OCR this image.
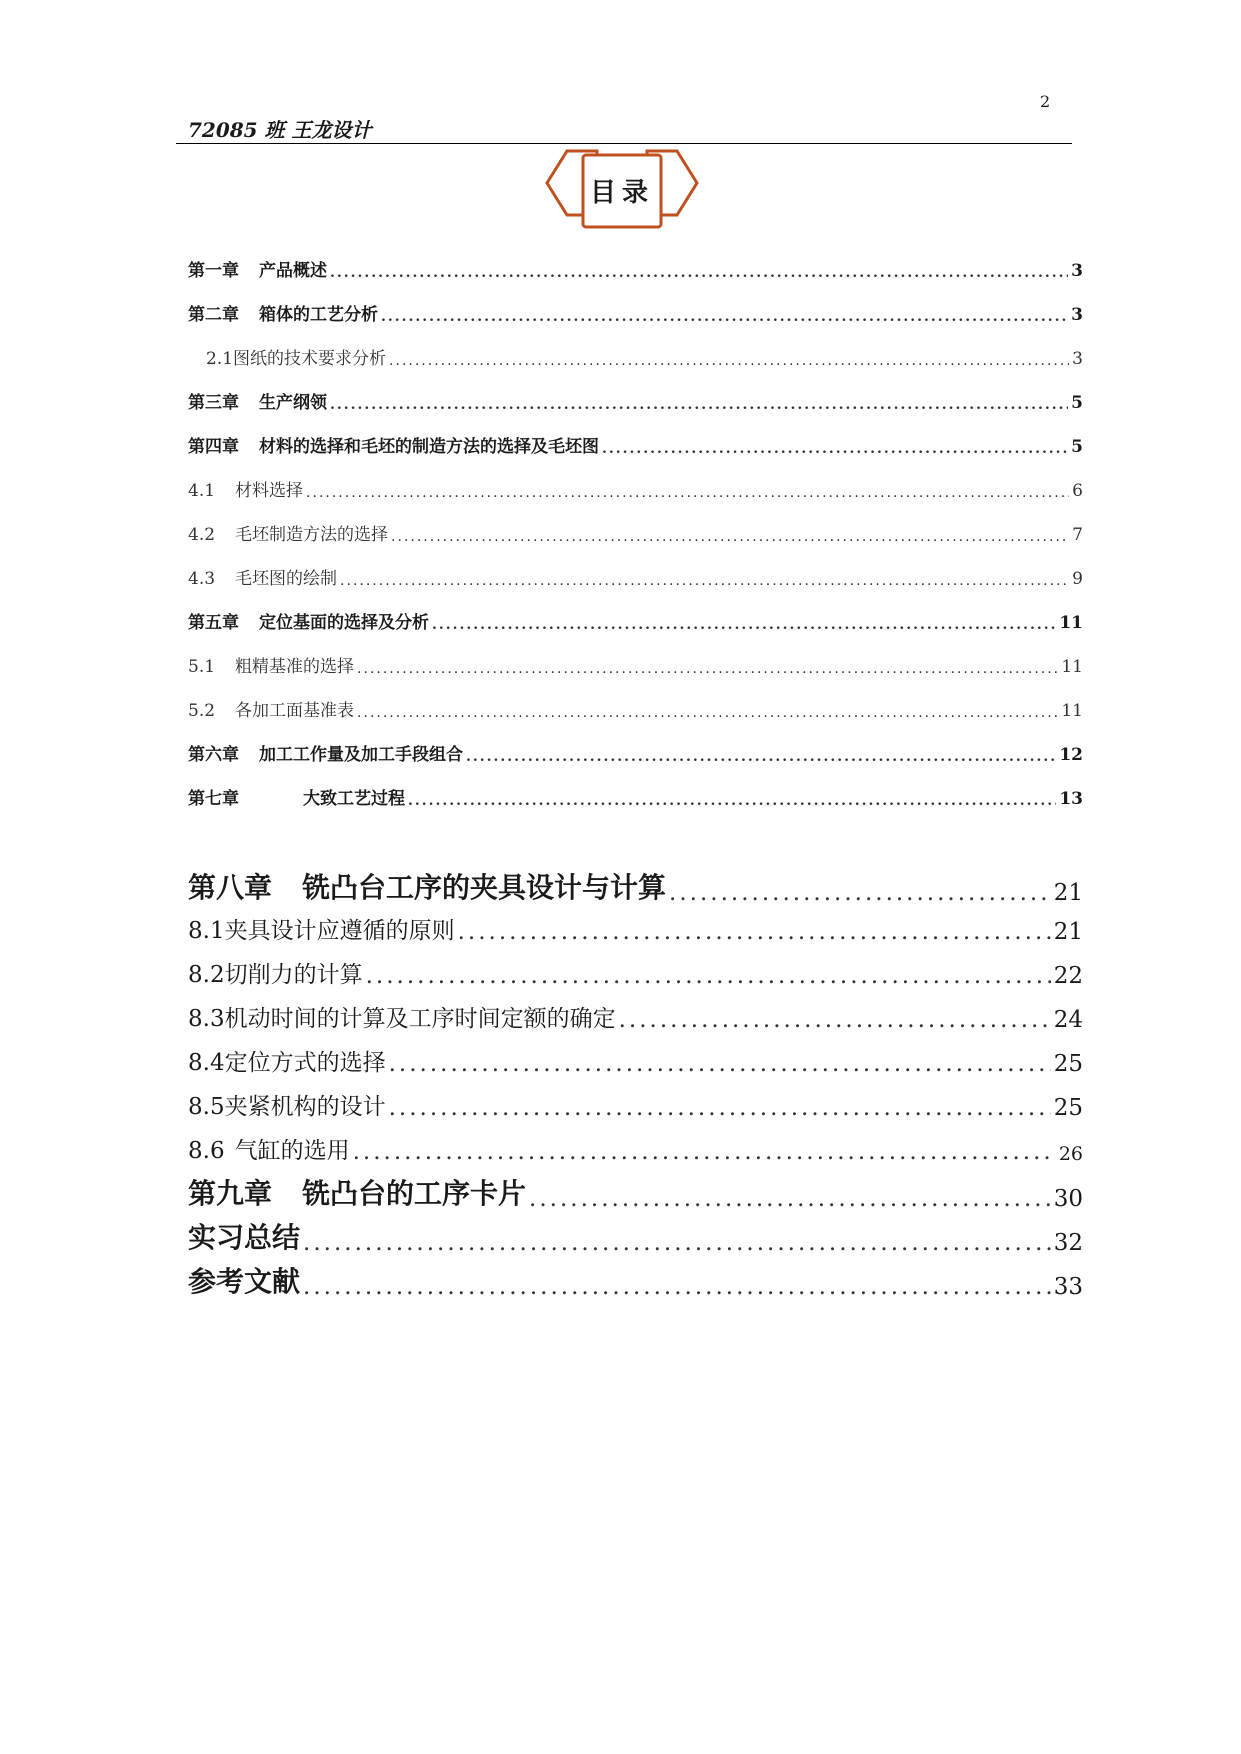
2
72085 班 王龙设计
目录
第一章 产品概述 .....	3
第二章 箱体的工艺分析 .....	3
2.1图纸的技术要求分析 .....	3
第三章 生产纲领 .....	5
第四章 材料的选择和毛坯的制造方法的选择及毛坯图 .....	5
4.1 材料选择 .....	6
4.2 毛坯制造方法的选择 .....	7
4.3 毛坯图的绘制 .....	9
第五章 定位基面的选择及分析 .....	11
5.1 粗精基准的选择 .....	11
5.2 各加工面基准表 .....	11
第六章 加工工作量及加工手段组合 .....	12
第七章	大致工艺过程 .....	13
第八章 铣凸台工序的夹具设计与计算 .....	21
8.1夹具设计应遵循的原则 .....	21
8.2切削力的计算 .....	22
8.3机动时间的计算及工序时间定额的确定 .....	24
8.4定位方式的选择 .....	25
8.5夹紧机构的设计 .....	25
8.6 气缸的选用 .....	26
第九章 铣凸台的工序卡片 .....	30
实习总结 .....	32
参考文献 .....	33
